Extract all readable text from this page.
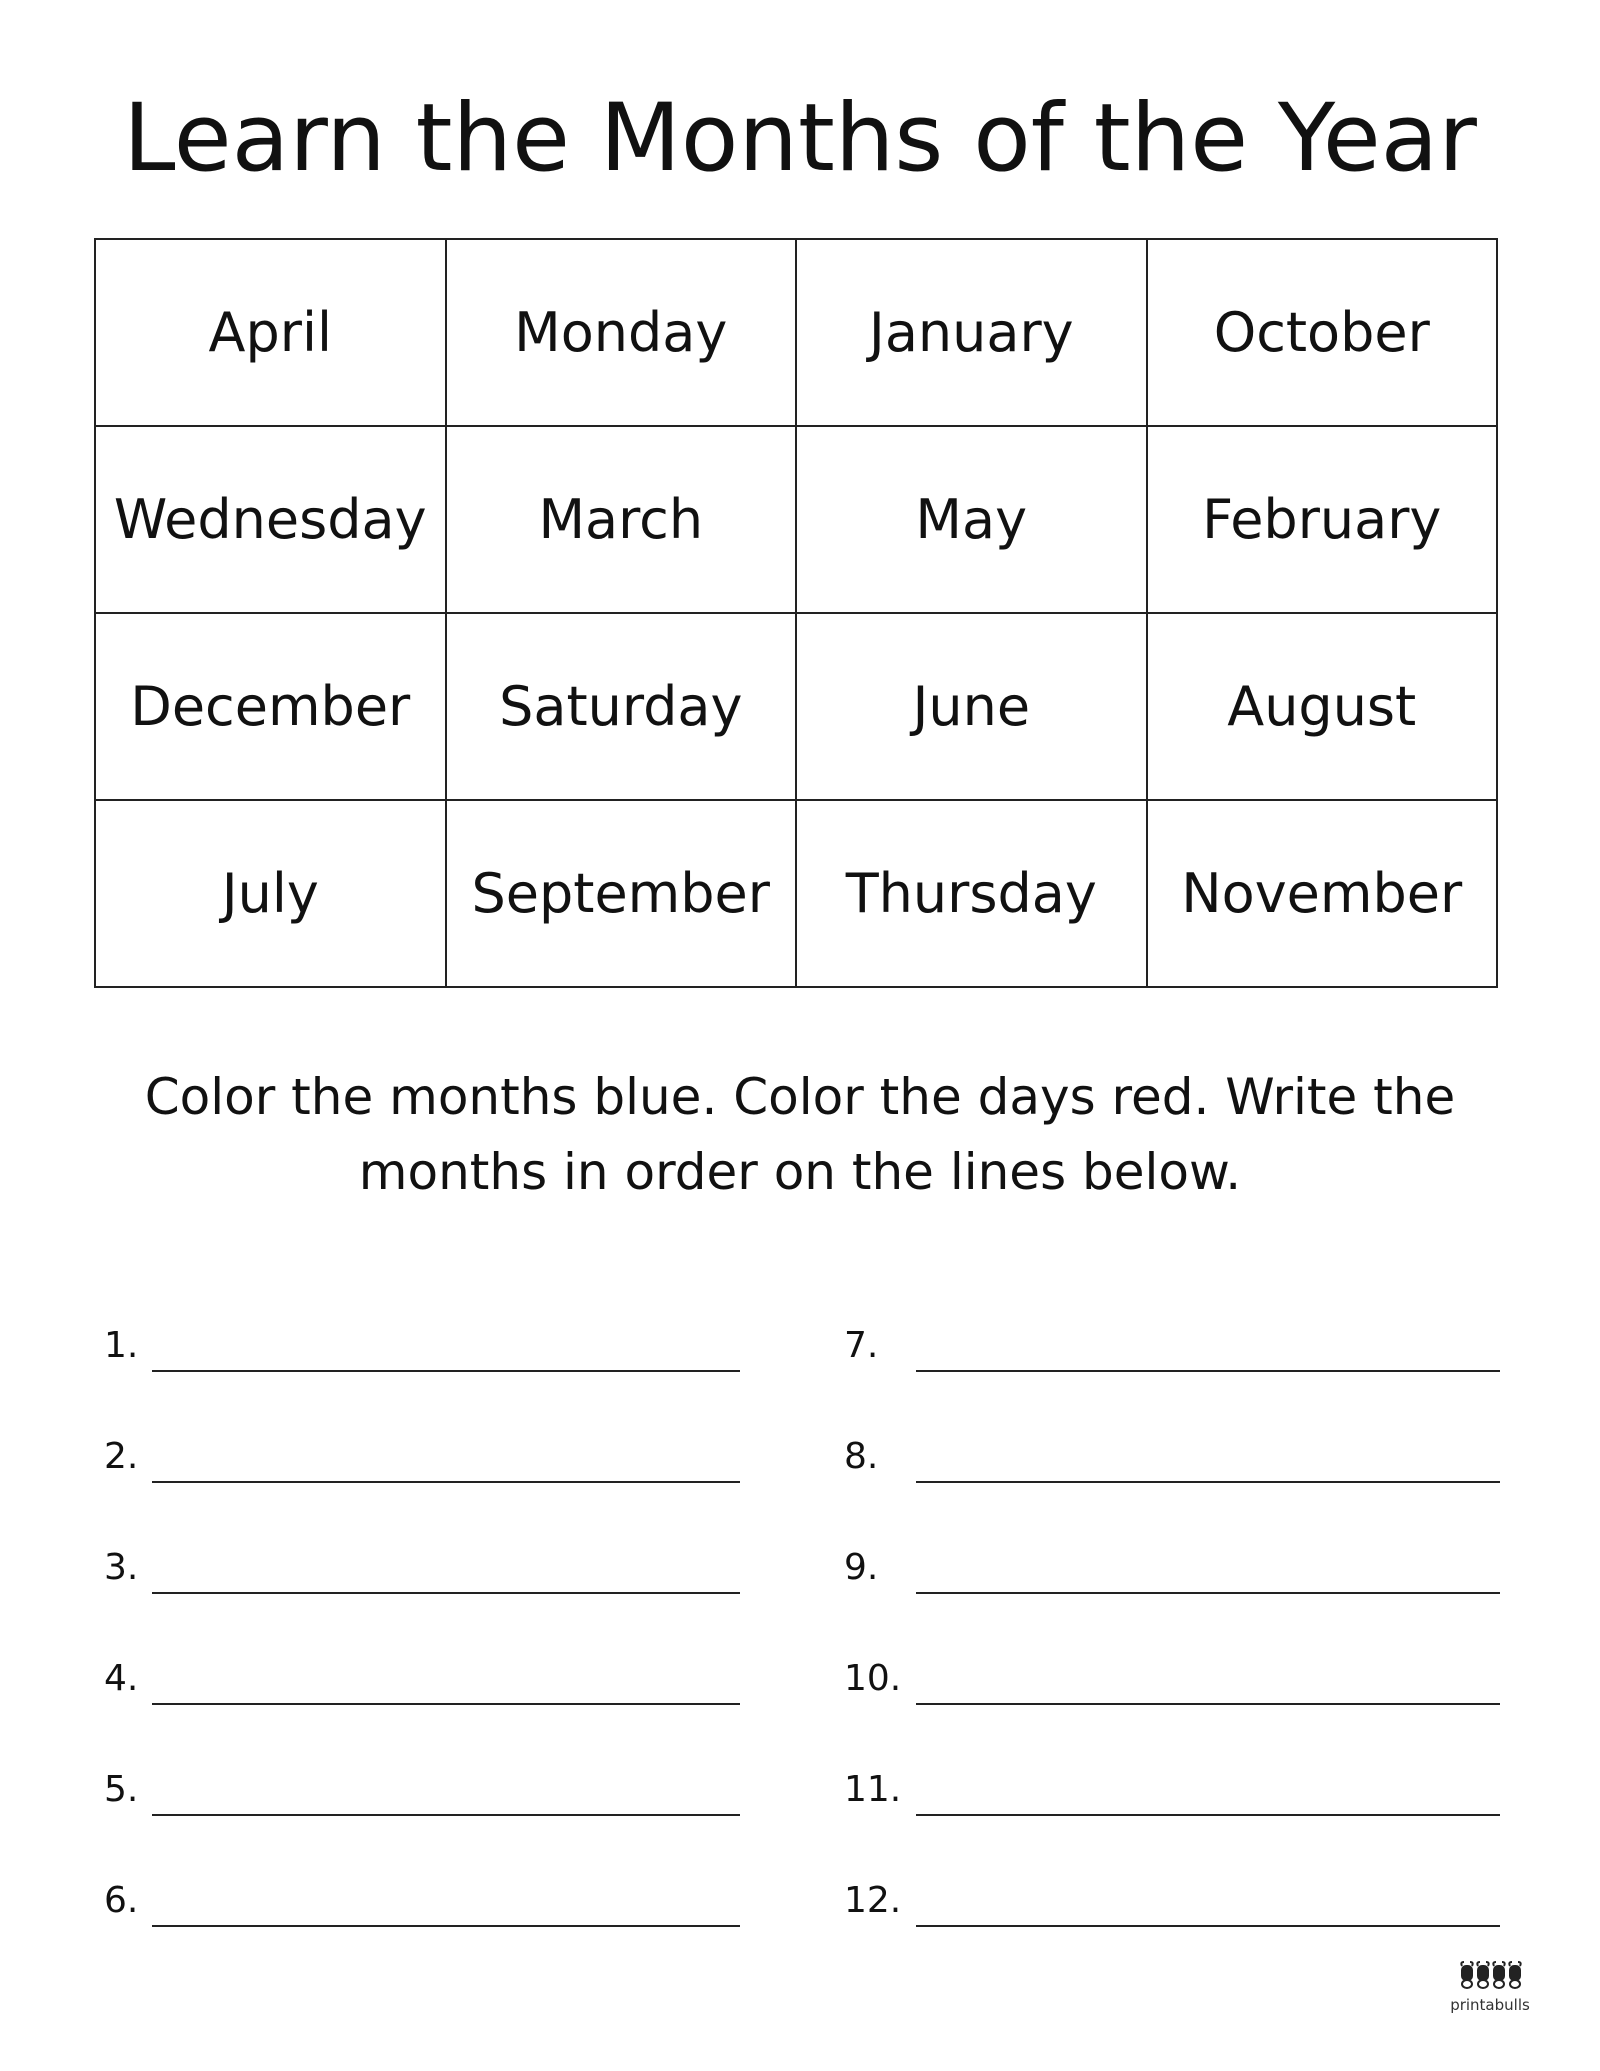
Learn the Months of the Year
April	Monday	January	October
Wednesday	March	May	February
December	Saturday	June	August
July	September	Thursday	November

Color the months blue. Color the days red. Write the months in order on the lines below.

1.
2.
3.
4.
5.
6.
7.
8.
9.
10.
11.
12.
printabulls
